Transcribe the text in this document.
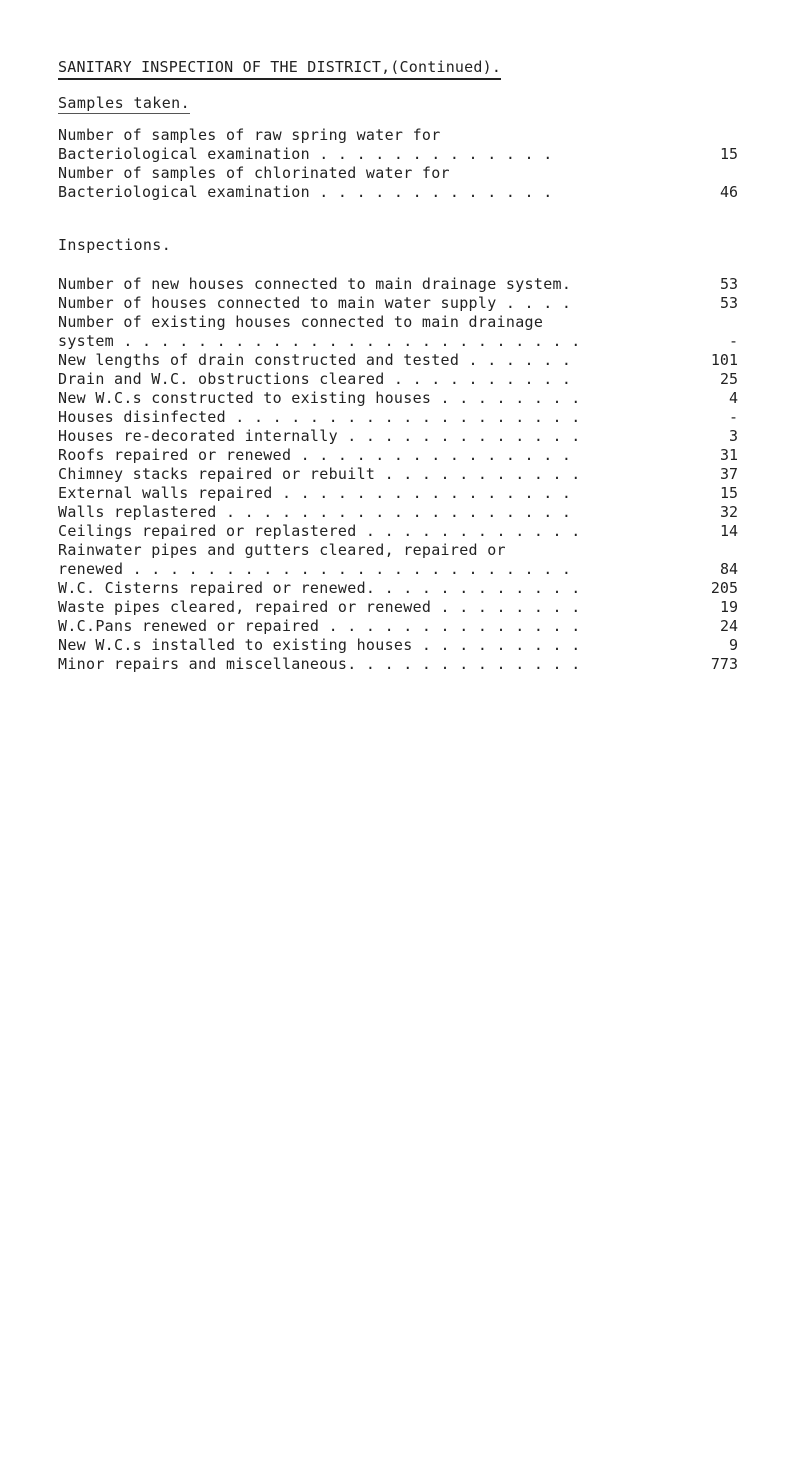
SANITARY INSPECTION OF THE DISTRICT,(Continued).
Samples taken.
Number of samples of raw spring water for
Bacteriological examination . . . . . . . . . . . . .	15
Number of samples of chlorinated water for
Bacteriological examination . . . . . . . . . . . . .	46
Inspections.
Number of new houses connected to main drainage system.	53
Number of houses connected to main water supply . . . .	53
Number of existing houses connected to main drainage
system . . . . . . . . . . . . . . . . . . . . . . . . .	-
New lengths of drain constructed and tested . . . . . .	101
Drain and W.C. obstructions cleared . . . . . . . . . .	25
New W.C.s constructed to existing houses . . . . . . . .	4
Houses disinfected . . . . . . . . . . . . . . . . . . .	-
Houses re-decorated internally . . . . . . . . . . . . .	3
Roofs repaired or renewed . . . . . . . . . . . . . . .	31
Chimney stacks repaired or rebuilt . . . . . . . . . . .	37
External walls repaired . . . . . . . . . . . . . . . .	15
Walls replastered . . . . . . . . . . . . . . . . . . .	32
Ceilings repaired or replastered . . . . . . . . . . . .	14
Rainwater pipes and gutters cleared, repaired or
renewed . . . . . . . . . . . . . . . . . . . . . . . .	84
W.C. Cisterns repaired or renewed. . . . . . . . . . . .	205
Waste pipes cleared, repaired or renewed . . . . . . . .	19
W.C.Pans renewed or repaired . . . . . . . . . . . . . .	24
New W.C.s installed to existing houses . . . . . . . . .	9
Minor repairs and miscellaneous. . . . . . . . . . . . .	773
